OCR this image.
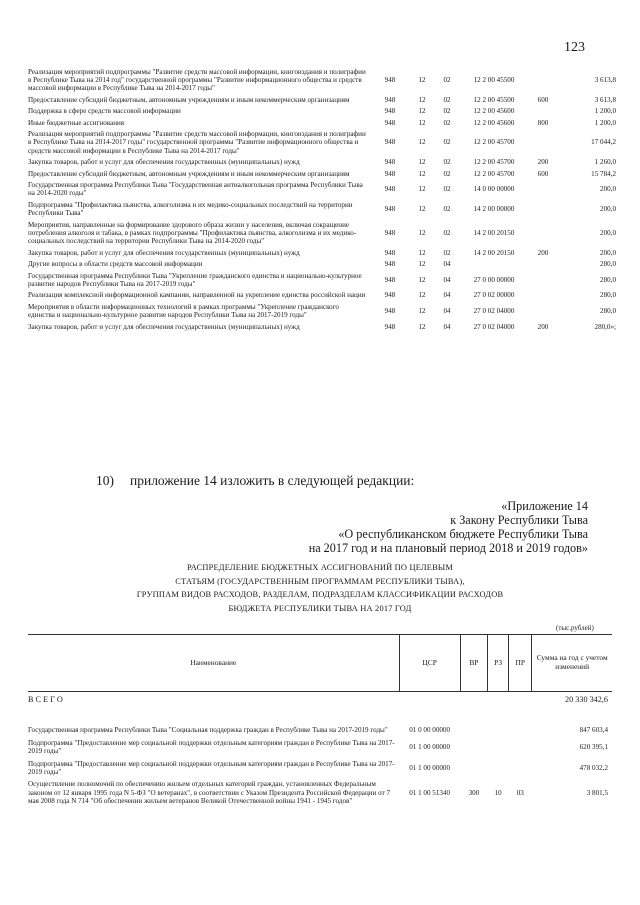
123
Реализация мероприятий подпрограммы "Развитие средств массовой информации, книгоиздания и полиграфии в Республике Тыва на 2014 год" государственной программы "Развитие информационного общества и средств массовой информации в Республике Тыва на 2014-2017 годы"	948	12	02	12 2 00 45500		3 613,8
Предоставление субсидий бюджетным, автономным учреждениям и иным некоммерческим организациям	948	12	02	12 2 00 45500	600	3 613,8
Поддержка в сфере средств массовой информации	948	12	02	12 2 00 45600		1 200,0
Иные бюджетные ассигнования	948	12	02	12 2 00 45600	800	1 200,0
Реализация мероприятий подпрограммы "Развитие средств массовой информации, книгоиздания и полиграфии в Республике Тыва на 2014-2017 годы" государственной программы "Развитие информационного общества и средств массовой информации в Республике Тыва на 2014-2017 годы"	948	12	02	12 2 00 45700		17 044,2
Закупка товаров, работ и услуг для обеспечения государственных (муниципальных) нужд	948	12	02	12 2 00 45700	200	1 260,0
Предоставление субсидий бюджетным, автономным учреждениям и иным некоммерческим организациям	948	12	02	12 2 00 45700	600	15 784,2
Государственная программа Республики Тыва "Государственная антиалкогольная программа Республики Тыва на 2014-2020 годы"	948	12	02	14 0 00 00000		200,0
Подпрограмма "Профилактика пьянства, алкоголизма и их медико-социальных последствий на территории Республики Тыва"	948	12	02	14 2 00 00000		200,0
Мероприятия, направленные на формирование здорового образа жизни у населения, включая сокращение потребления алкоголя и табака, в рамках подпрограммы "Профилактика пьянства, алкоголизма и их медико-социальных последствий на территории Республики Тыва на 2014-2020 годы"	948	12	02	14 2 00 20150		200,0
Закупка товаров, работ и услуг для обеспечения государственных (муниципальных) нужд	948	12	02	14 2 00 20150	200	200,0
Другие вопросы в области средств массовой информации	948	12	04			280,0
Государственная программа Республики Тыва "Укрепление гражданского единства и национально-культурное развитие народов Республики Тыва на 2017-2019 годы"	948	12	04	27 0 00 00000		280,0
Реализация комплексной информационной кампании, направленной на укрепление единства российской нации	948	12	04	27 0 02 00000		280,0
Мероприятия в области информационных технологий в рамках программы "Укрепление гражданского единства и национально-культурное развитие народов Республики Тыва на 2017-2019 годы"	948	12	04	27 0 02 04000		280,0
Закупка товаров, работ и услуг для обеспечения государственных (муниципальных) нужд	948	12	04	27 0 02 04000	200	280,0»;
10) приложение 14 изложить в следующей редакции:
«Приложение 14
к Закону Республики Тыва
«О республиканском бюджете Республики Тыва
на 2017 год и на плановый период 2018 и 2019 годов»
РАСПРЕДЕЛЕНИЕ БЮДЖЕТНЫХ АССИГНОВАНИЙ ПО ЦЕЛЕВЫМ
СТАТЬЯМ (ГОСУДАРСТВЕННЫМ ПРОГРАММАМ РЕСПУБЛИКИ ТЫВА),
ГРУППАМ ВИДОВ РАСХОДОВ, РАЗДЕЛАМ, ПОДРАЗДЕЛАМ КЛАССИФИКАЦИИ РАСХОДОВ
БЮДЖЕТА РЕСПУБЛИКИ ТЫВА НА 2017 ГОД
(тыс.рублей)
Наименование	ЦСР	ВР	РЗ	ПР	Сумма на год с учетом изменений
В С Е Г О					20 330 342,6
Государственная программа Республики Тыва "Социальная поддержка граждан в Республике Тыва на 2017-2019 годы"	01 0 00 00000				847 603,4
Подпрограмма "Предоставление мер социальной поддержки отдельным категориям граждан в Республике Тыва на 2017-2019 годы"	01 1 00 00000				620 395,1
Подпрограмма "Предоставление мер социальной поддержки отдельным категориям граждан в Республике Тыва на 2017-2019 годы"	01 1 00 00000				478 032,2
Осуществление полномочий по обеспечению жильем отдельных категорий граждан, установленных Федеральным законом от 12 января 1995 года N 5-ФЗ "О ветеранах", в соответствии с Указом Президента Российской Федерации от 7 мая 2008 года N 714 "Об обеспечении жильем ветеранов Великой Отечественной войны 1941 - 1945 годов"	01 1 00 51340	300	10	03	3 801,5
